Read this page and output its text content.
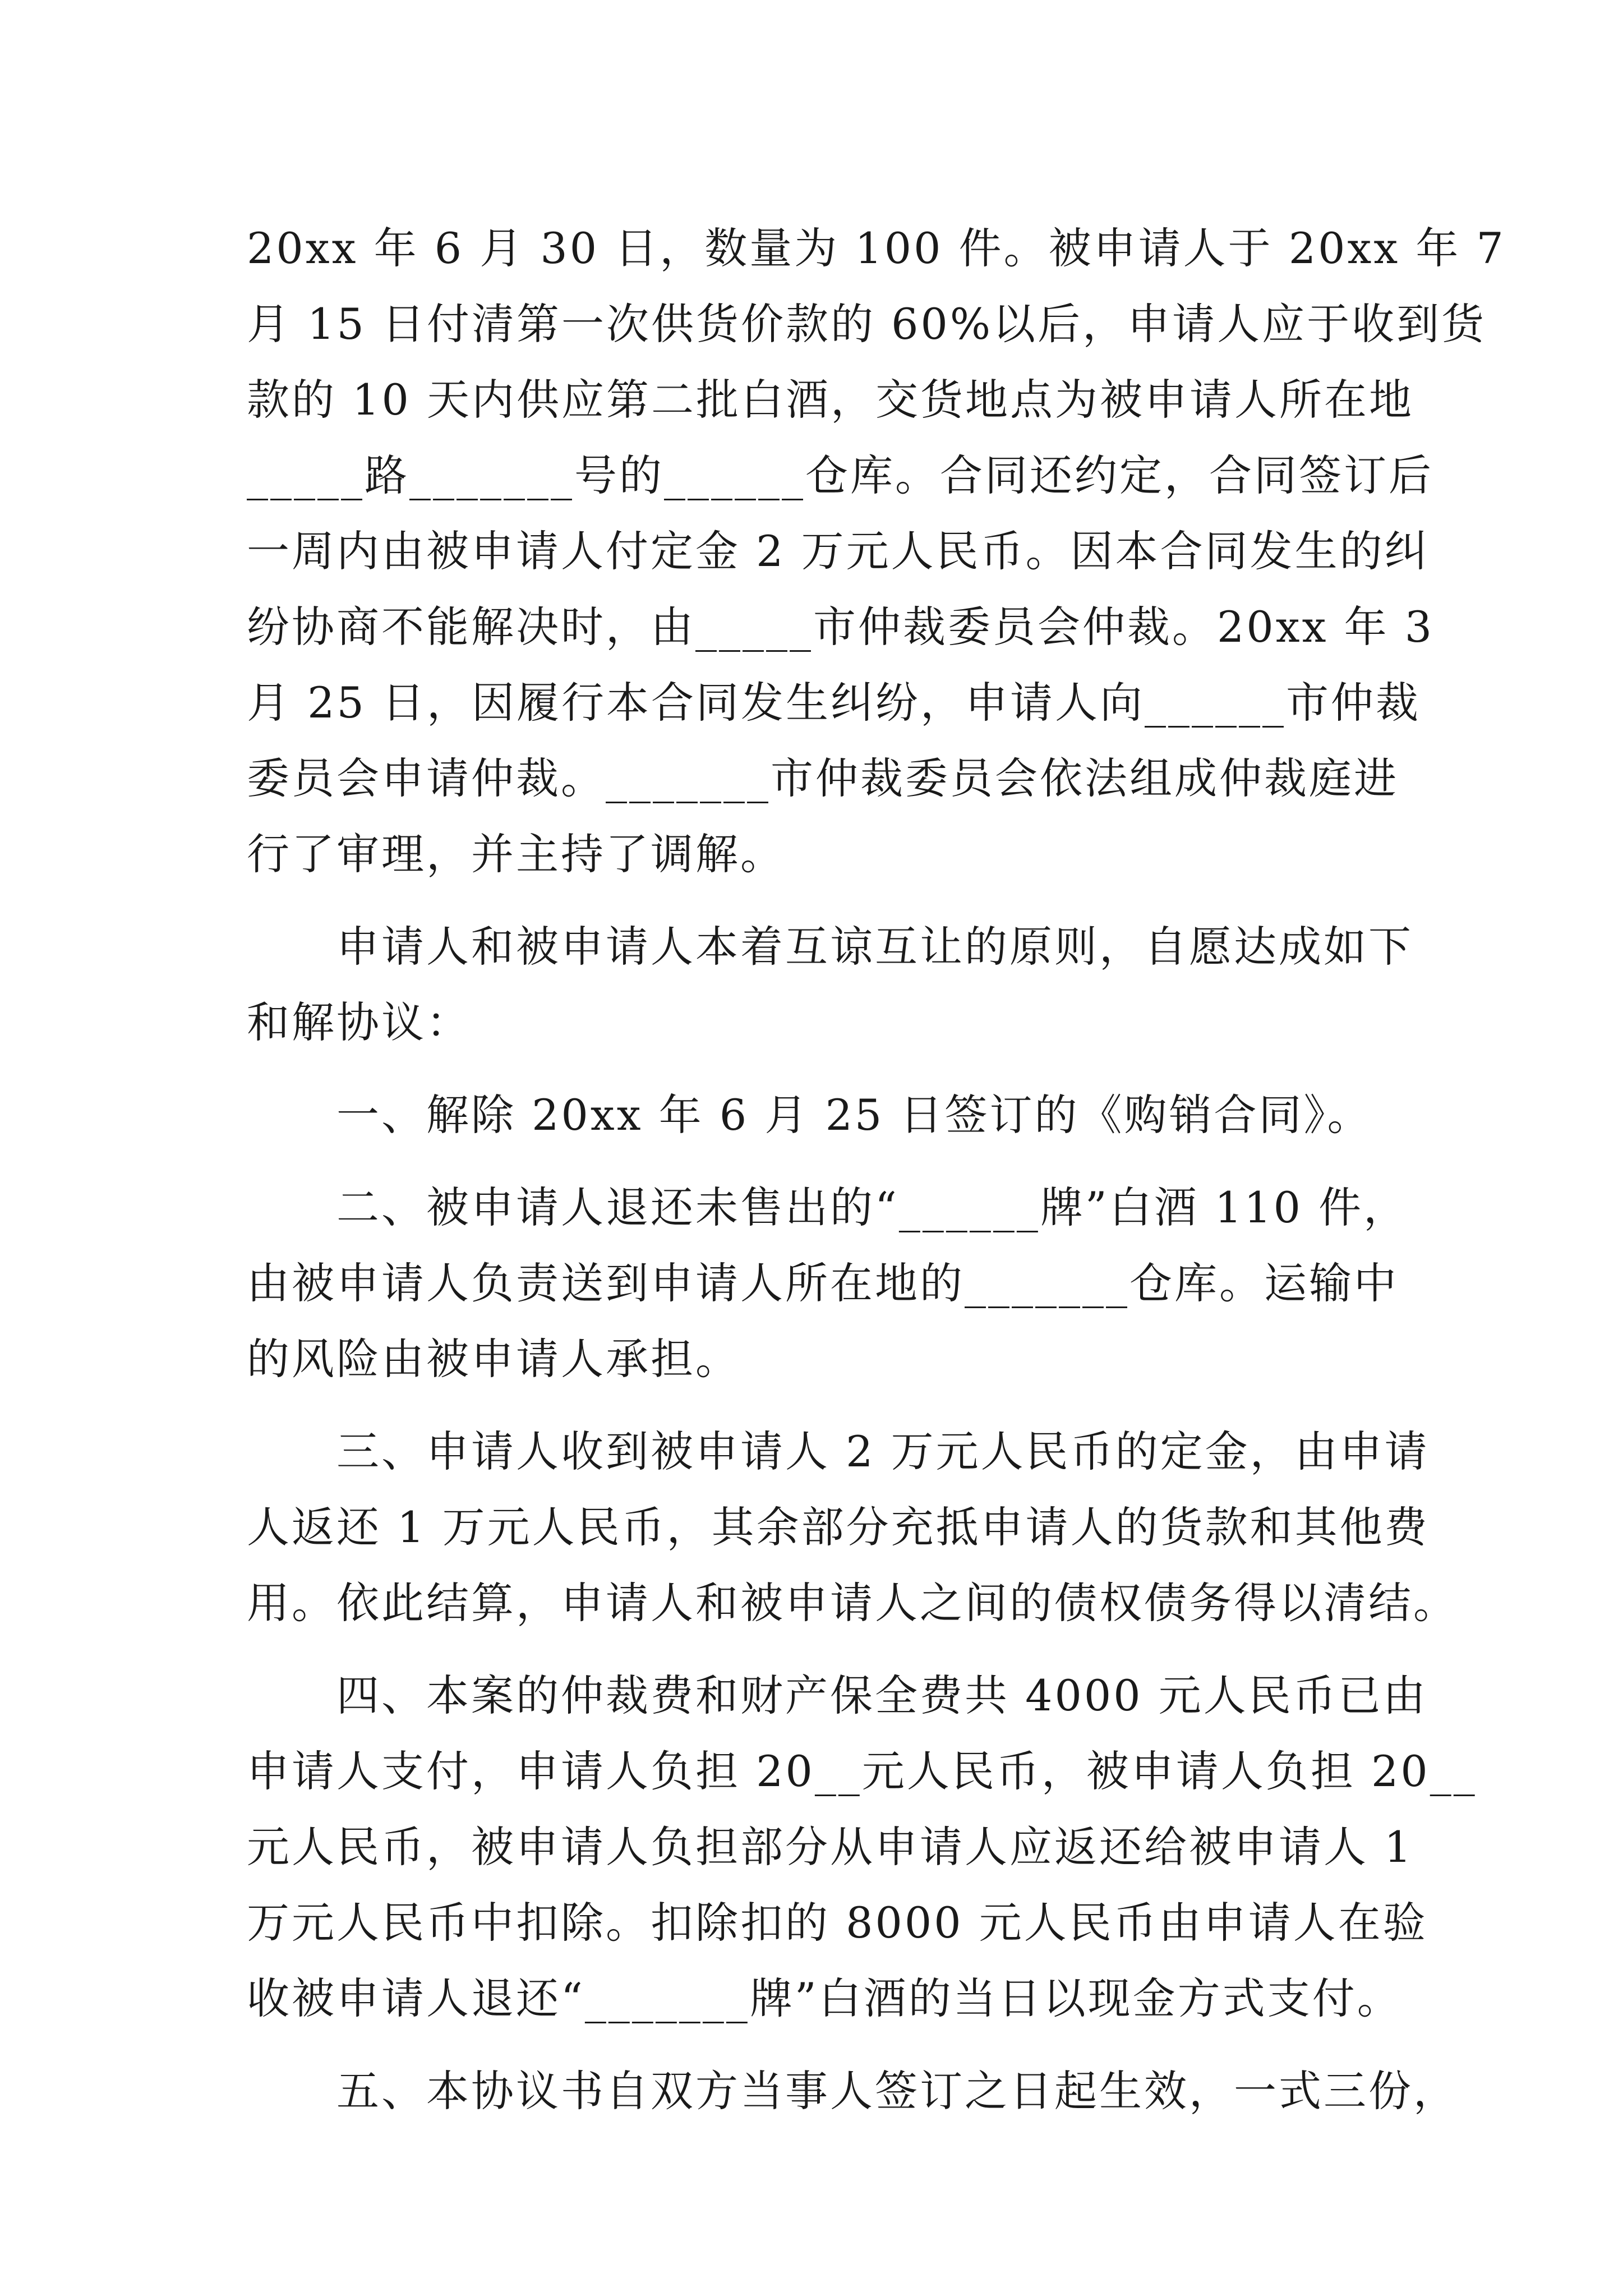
20xx 年 6 月 30 日，数量为 100 件。被申请人于 20xx 年 7
月 15 日付清第一次供货价款的 60%以后，申请人应于收到货
款的 10 天内供应第二批白酒，交货地点为被申请人所在地
_____路_______号的______仓库。合同还约定，合同签订后
一周内由被申请人付定金 2 万元人民币。因本合同发生的纠
纷协商不能解决时，由_____市仲裁委员会仲裁。20xx 年 3
月 25 日，因履行本合同发生纠纷，申请人向______市仲裁
委员会申请仲裁。_______市仲裁委员会依法组成仲裁庭进
行了审理，并主持了调解。
申请人和被申请人本着互谅互让的原则，自愿达成如下
和解协议：
一、解除 20xx 年 6 月 25 日签订的《购销合同》。
二、被申请人退还未售出的“______牌”白酒 110 件，
由被申请人负责送到申请人所在地的_______仓库。运输中
的风险由被申请人承担。
三、申请人收到被申请人 2 万元人民币的定金，由申请
人返还 1 万元人民币，其余部分充抵申请人的货款和其他费
用。依此结算，申请人和被申请人之间的债权债务得以清结。
四、本案的仲裁费和财产保全费共 4000 元人民币已由
申请人支付，申请人负担 20__元人民币，被申请人负担 20__
元人民币，被申请人负担部分从申请人应返还给被申请人 1
万元人民币中扣除。扣除扣的 8000 元人民币由申请人在验
收被申请人退还“_______牌”白酒的当日以现金方式支付。
五、本协议书自双方当事人签订之日起生效，一式三份，
